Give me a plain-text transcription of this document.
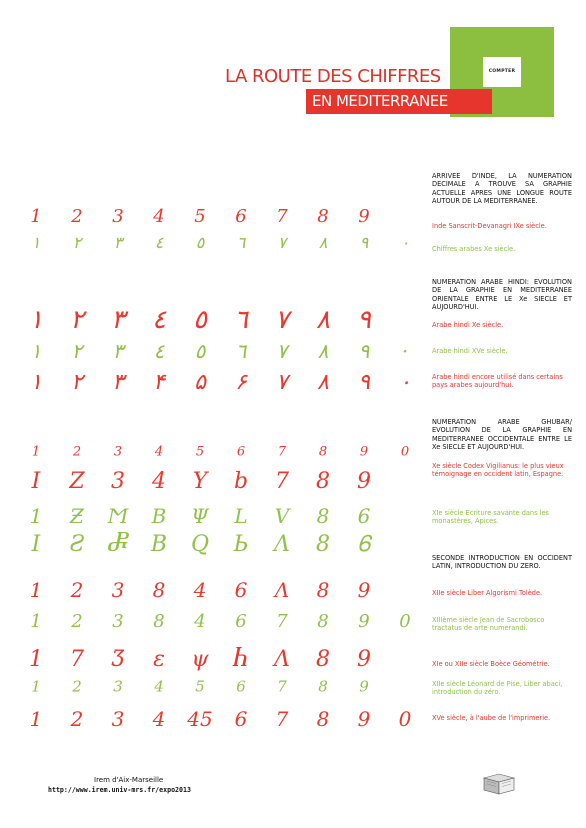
COMPTER
LA ROUTE DES CHIFFRES
EN MEDITERRANEE
1 2 3 4 5 6 7 8 9
١ ٢ ٣ ٤ ٥ ٦ ٧ ٨ ٩ ٠
١ ٢ ٣ ٤ ٥ ٦ ٧ ٨ ٩
١ ٢ ٣ ٤ ٥ ٦ ٧ ٨ ٩ ·
١ ٢ ٣ ۴ ۵ ۶ ٧ ٨ ٩ ٠
1	2	3	4	5	6	7	8	9	0
I Z 3 4 Y b 7 8 9
1 Ƶ Ϻ B Ψ L V 8 6
I Ƨ Ⴥ B Ԛ Ь Λ 8 Ꮾ
1 2 3 8 4 6 Λ 8 9
1 2 3 8 4 6 7 8 9 0
1 7 Ӡ ε ψ Ⴙ Ʌ 8 9
1 2 3 4 5 6 7 8 9
1 2 3 4 45 6 7 8 9 0
ARRIVEE D'INDE, LA NUMERATION DECIMALE A TROUVE SA GRAPHIE ACTUELLE APRES UNE LONGUE ROUTE AUTOUR DE LA MEDITERRANEE.
Inde Sanscrit-Devanagri IXe siècle.
Chiffres arabes Xe siècle.
NUMERATION ARABE HINDI: EVOLUTION DE LA GRAPHIE EN MEDITERRANEE ORIENTALE ENTRE LE Xe SIECLE ET AUJOURD'HUI.
Arabe hindi Xe siècle.
Arabe hindi XVe siècle.
Arabe hindi encore utilisé dans certains pays arabes aujourd'hui.
NUMERATION ARABE GHUBAR/ EVOLUTION DE LA GRAPHIE EN MEDITERRANEE OCCIDENTALE ENTRE LE Xe SIECLE ET AUJOURD'HUI.
Xe siècle Codex Vigilianus: le plus vieux témoignage en occident latin, Espagne.
XIe siècle Ecriture savante dans les monastères, Apices.
SECONDE INTRODUCTION EN OCCIDENT LATIN, INTRODUCTION DU ZERO.
XIIe siècle Liber Algorismi Tolède.
XIIIème siècle Jean de Sacrobosco tractatus de arte numerandi.
XIe ou XIIe siècle Boèce Géométrie.
XIIe siècle Léonard de Pise, Liber abaci, introduction du zéro.
XVe siècle, à l'aube de l'imprimerie.
Irem d'Aix-Marseille
http://www.irem.univ-mrs.fr/expo2013
